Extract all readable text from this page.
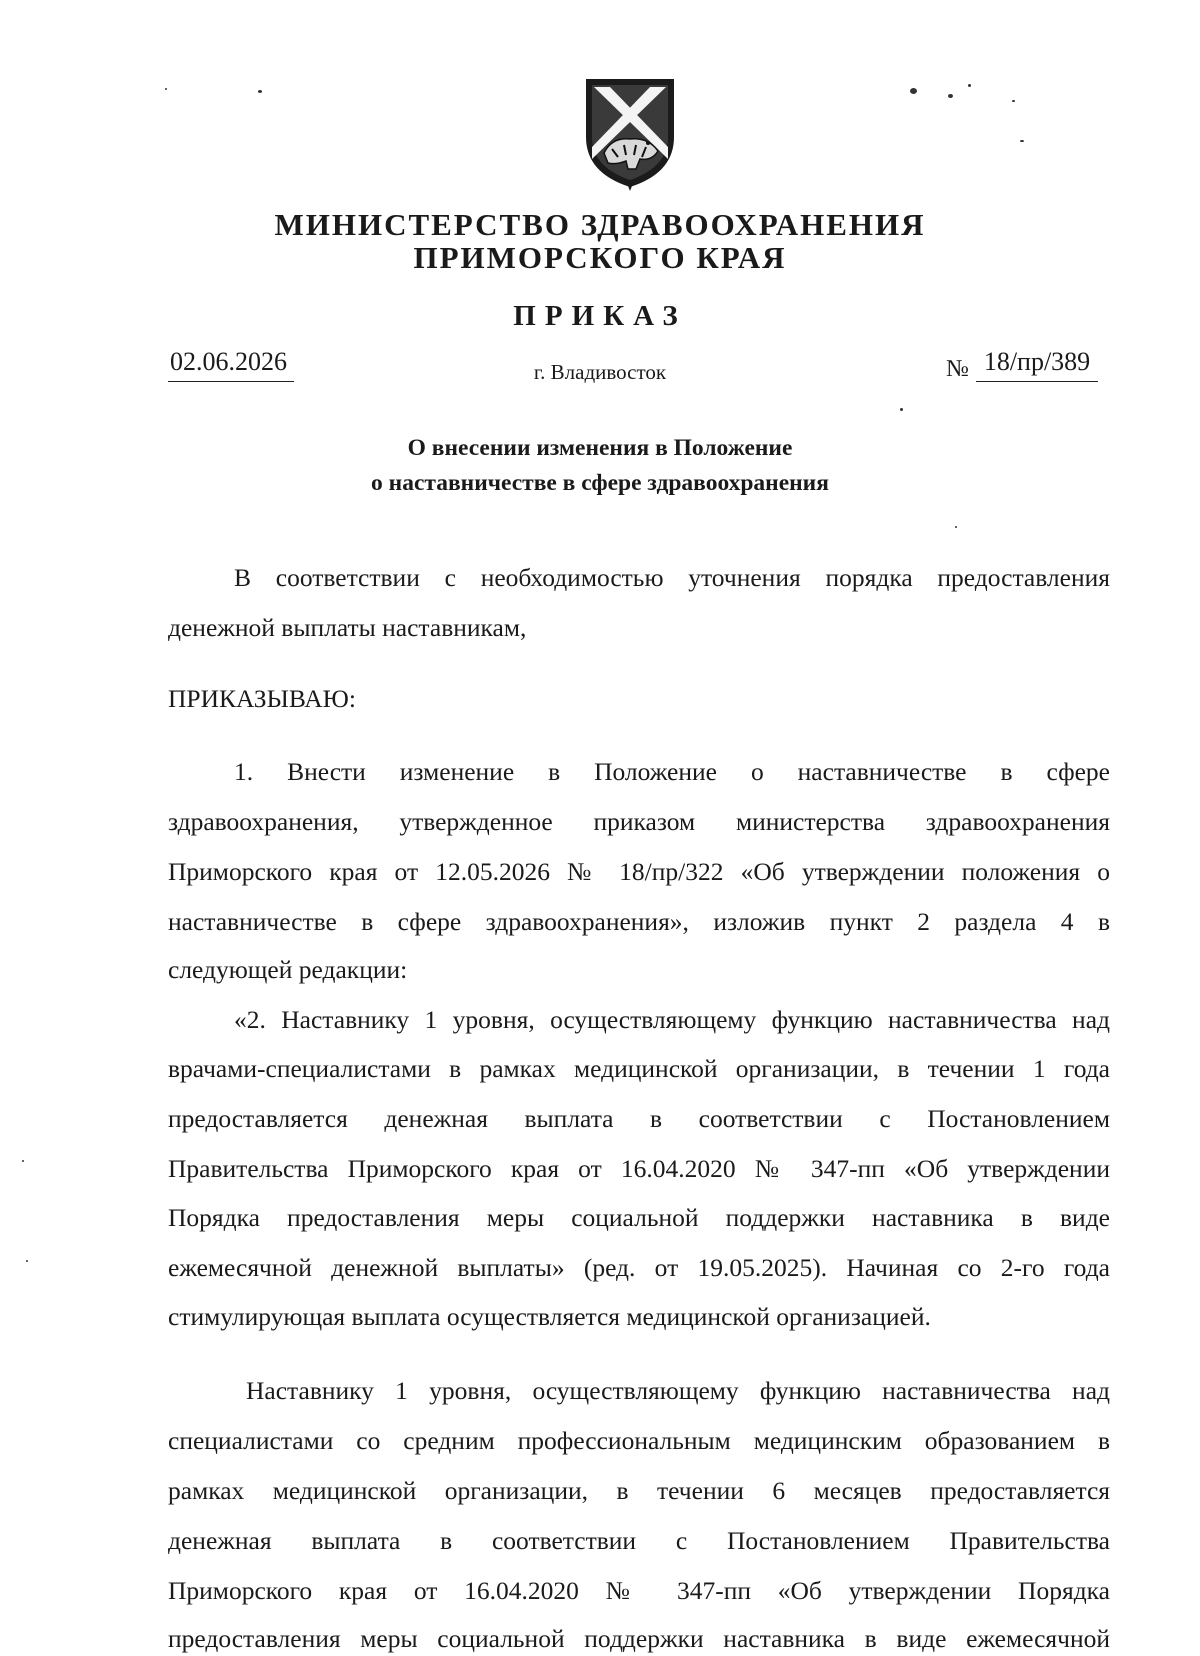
МИНИСТЕРСТВО ЗДРАВООХРАНЕНИЯ
ПРИМОРСКОГО КРАЯ
ПРИКАЗ
02.06.2026	г. Владивосток	№ 18/пр/389
О внесении изменения в Положение
о наставничестве в сфере здравоохранения
В соответствии с необходимостью уточнения порядка предоставления
денежной выплаты наставникам,
ПРИКАЗЫВАЮ:
1. Внести изменение в Положение о наставничестве в сфере
здравоохранения, утвержденное приказом министерства здравоохранения
Приморского края от 12.05.2026 № 18/пр/322 «Об утверждении положения о
наставничестве в сфере здравоохранения», изложив пункт 2 раздела 4 в
следующей редакции:
«2. Наставнику 1 уровня, осуществляющему функцию наставничества над
врачами-специалистами в рамках медицинской организации, в течении 1 года
предоставляется денежная выплата в соответствии с Постановлением
Правительства Приморского края от 16.04.2020 № 347-пп «Об утверждении
Порядка предоставления меры социальной поддержки наставника в виде
ежемесячной денежной выплаты» (ред. от 19.05.2025). Начиная со 2-го года
стимулирующая выплата осуществляется медицинской организацией.
Наставнику 1 уровня, осуществляющему функцию наставничества над
специалистами со средним профессиональным медицинским образованием в
рамках медицинской организации, в течении 6 месяцев предоставляется
денежная выплата в соответствии с Постановлением Правительства
Приморского края от 16.04.2020 № 347-пп «Об утверждении Порядка
предоставления меры социальной поддержки наставника в виде ежемесячной
